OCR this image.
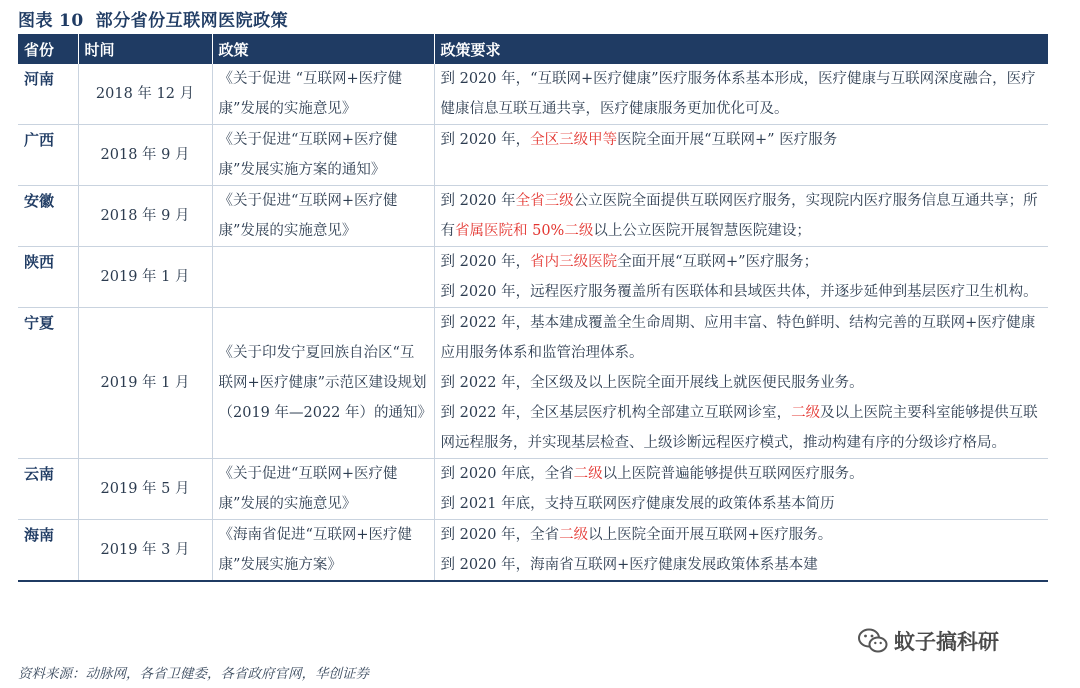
图表 10 部分省份互联网医院政策
省份	时间	政策	政策要求
河南	2018 年 12 月	《关于促进 “互联网+医疗健康”发展的实施意见》	到 2020 年，“互联网+医疗健康”医疗服务体系基本形成，医疗健康与互联网深度融合，医疗健康信息互联互通共享，医疗健康服务更加优化可及。

广西	2018 年 9 月	《关于促进“互联网+医疗健康”发展实施方案的通知》	到 2020 年，全区三级甲等医院全面开展“互联网+” 医疗服务

安徽	2018 年 9 月	《关于促进“互联网+医疗健康”发展的实施意见》	到 2020 年全省三级公立医院全面提供互联网医疗服务，实现院内医疗服务信息互通共享；所有省属医院和 50%二级以上公立医院开展智慧医院建设；

陕西	2019 年 1 月		到 2020 年，省内三级医院全面开展“互联网+”医疗服务；
到 2020 年，远程医疗服务覆盖所有医联体和县域医共体，并逐步延伸到基层医疗卫生机构。

宁夏	2019 年 1 月	《关于印发宁夏回族自治区“互联网+医疗健康”示范区建设规划（2019 年—2022 年）的通知》	到 2022 年，基本建成覆盖全生命周期、应用丰富、特色鲜明、结构完善的互联网+医疗健康应用服务体系和监管治理体系。
到 2022 年，全区级及以上医院全面开展线上就医便民服务业务。
到 2022 年，全区基层医疗机构全部建立互联网诊室，二级及以上医院主要科室能够提供互联网远程服务，并实现基层检查、上级诊断远程医疗模式，推动构建有序的分级诊疗格局。

云南	2019 年 5 月	《关于促进“互联网+医疗健康”发展的实施意见》	到 2020 年底，全省二级以上医院普遍能够提供互联网医疗服务。
到 2021 年底，支持互联网医疗健康发展的政策体系基本简历

海南	2019 年 3 月	《海南省促进“互联网+医疗健康”发展实施方案》	到 2020 年，全省二级以上医院全面开展互联网+医疗服务。
到 2020 年，海南省互联网+医疗健康发展政策体系基本建
资料来源：动脉网，各省卫健委，各省政府官网，华创证券
蚊子搞科研
